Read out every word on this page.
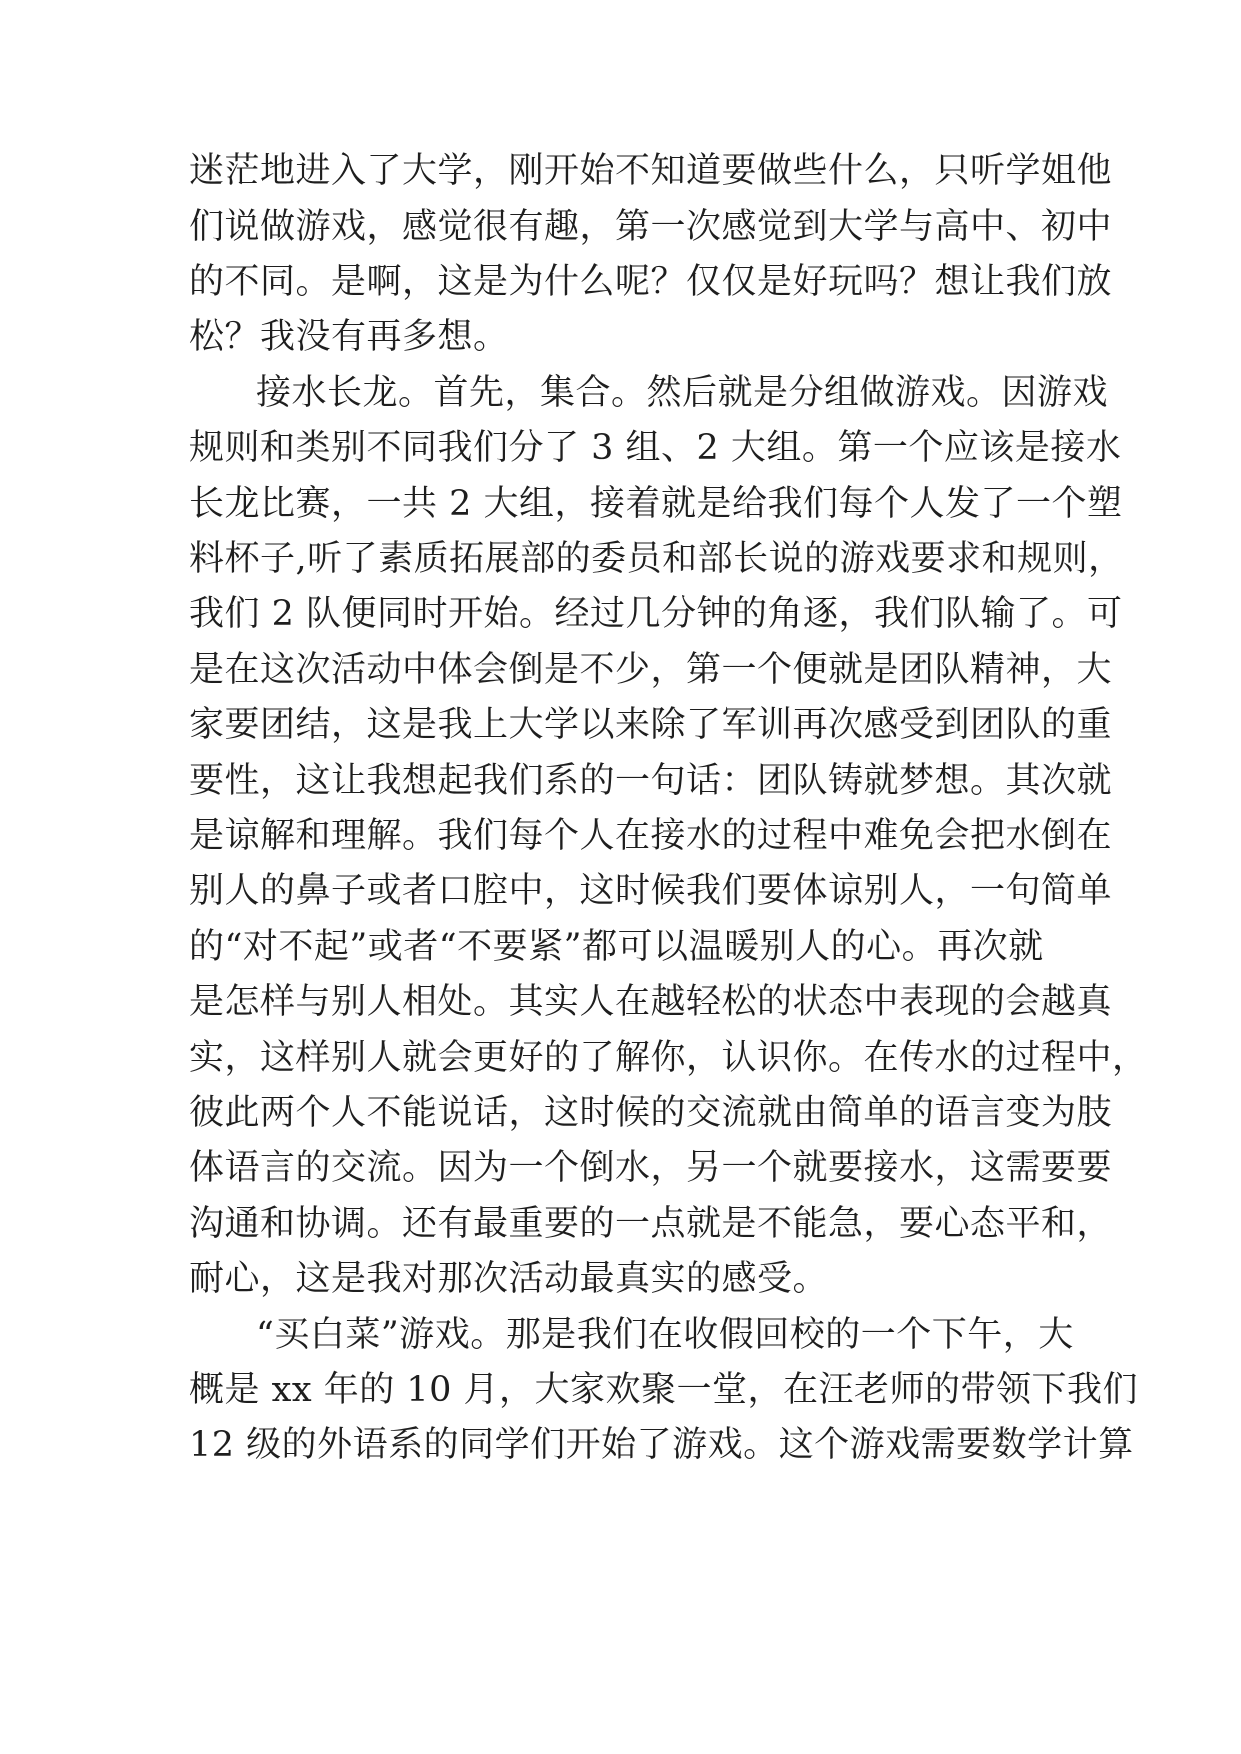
迷茫地进入了大学，刚开始不知道要做些什么，只听学姐他
们说做游戏，感觉很有趣，第一次感觉到大学与高中、初中
的不同。是啊，这是为什么呢？仅仅是好玩吗？想让我们放
松？我没有再多想。
接水长龙。首先，集合。然后就是分组做游戏。因游戏
规则和类别不同我们分了 3 组、2 大组。第一个应该是接水
长龙比赛，一共 2 大组，接着就是给我们每个人发了一个塑
料杯子,听了素质拓展部的委员和部长说的游戏要求和规则，
我们 2 队便同时开始。经过几分钟的角逐，我们队输了。可
是在这次活动中体会倒是不少，第一个便就是团队精神，大
家要团结，这是我上大学以来除了军训再次感受到团队的重
要性，这让我想起我们系的一句话：团队铸就梦想。其次就
是谅解和理解。我们每个人在接水的过程中难免会把水倒在
别人的鼻子或者口腔中，这时候我们要体谅别人，一句简单
的“对不起”或者“不要紧”都可以温暖别人的心。再次就
是怎样与别人相处。其实人在越轻松的状态中表现的会越真
实，这样别人就会更好的了解你，认识你。在传水的过程中，
彼此两个人不能说话，这时候的交流就由简单的语言变为肢
体语言的交流。因为一个倒水，另一个就要接水，这需要要
沟通和协调。还有最重要的一点就是不能急，要心态平和，
耐心，这是我对那次活动最真实的感受。
“买白菜”游戏。那是我们在收假回校的一个下午，大
概是 xx 年的 10 月，大家欢聚一堂，在汪老师的带领下我们
12 级的外语系的同学们开始了游戏。这个游戏需要数学计算
